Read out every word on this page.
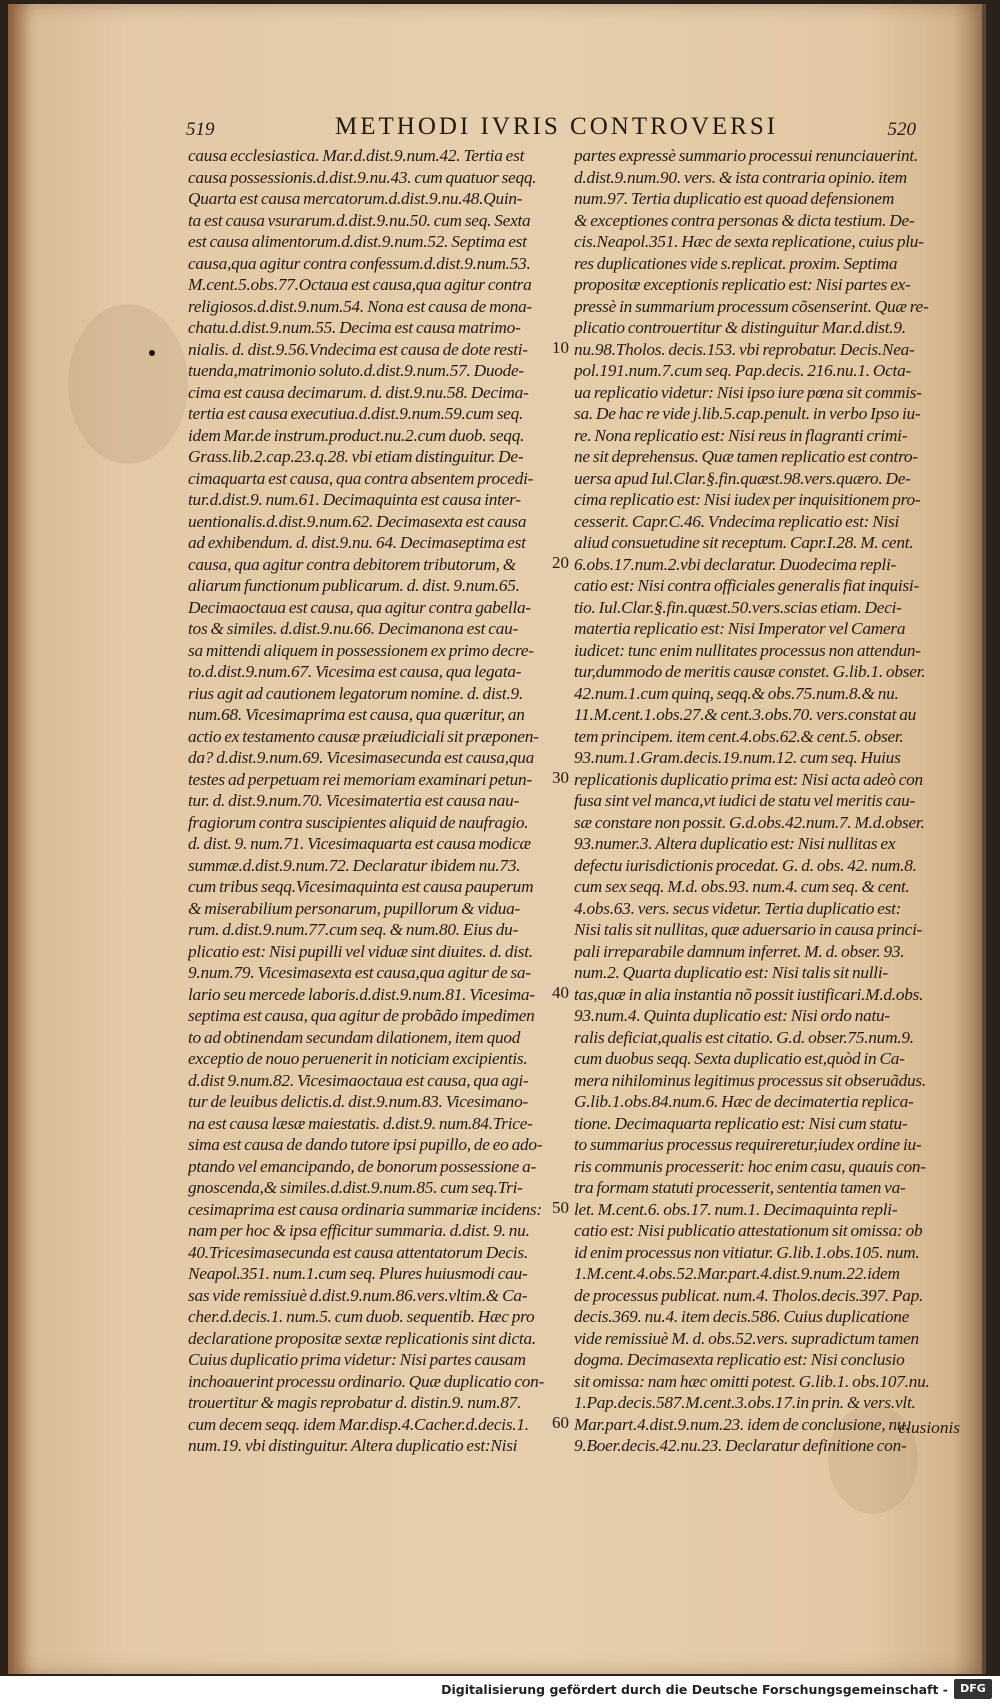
519	METHODI IVRIS CONTROVERSI	520
causa ecclesiastica. Mar.d.dist.9.num.42. Tertia est
causa possessionis.d.dist.9.nu.43. cum quatuor seqq.
Quarta est causa mercatorum.d.dist.9.nu.48.Quin-
ta est causa vsurarum.d.dist.9.nu.50. cum seq. Sexta
est causa alimentorum.d.dist.9.num.52. Septima est
causa,qua agitur contra confessum.d.dist.9.num.53.
M.cent.5.obs.77.Octaua est causa,qua agitur contra
religiosos.d.dist.9.num.54. Nona est causa de mona-
chatu.d.dist.9.num.55. Decima est causa matrimo-
nialis. d. dist.9.56.Vndecima est causa de dote resti-
tuenda,matrimonio soluto.d.dist.9.num.57. Duode-
cima est causa decimarum. d. dist.9.nu.58. Decima-
tertia est causa executiua.d.dist.9.num.59.cum seq.
idem Mar.de instrum.product.nu.2.cum duob. seqq.
Grass.lib.2.cap.23.q.28. vbi etiam distinguitur. De-
cimaquarta est causa, qua contra absentem procedi-
tur.d.dist.9. num.61. Decimaquinta est causa inter-
uentionalis.d.dist.9.num.62. Decimasexta est causa
ad exhibendum. d. dist.9.nu. 64. Decimaseptima est
causa, qua agitur contra debitorem tributorum, &
aliarum functionum publicarum. d. dist. 9.num.65.
Decimaoctaua est causa, qua agitur contra gabella-
tos & similes. d.dist.9.nu.66. Decimanona est cau-
sa mittendi aliquem in possessionem ex primo decre-
to.d.dist.9.num.67. Vicesima est causa, qua legata-
rius agit ad cautionem legatorum nomine. d. dist.9.
num.68. Vicesimaprima est causa, qua quæritur, an
actio ex testamento causæ præiudiciali sit præponen-
da? d.dist.9.num.69. Vicesimasecunda est causa,qua
testes ad perpetuam rei memoriam examinari petun-
tur. d. dist.9.num.70. Vicesimatertia est causa nau-
fragiorum contra suscipientes aliquid de naufragio.
d. dist. 9. num.71. Vicesimaquarta est causa modicæ
summæ.d.dist.9.num.72. Declaratur ibidem nu.73.
cum tribus seqq.Vicesimaquinta est causa pauperum
& miserabilium personarum, pupillorum & vidua-
rum. d.dist.9.num.77.cum seq. & num.80. Eius du-
plicatio est: Nisi pupilli vel viduæ sint diuites. d. dist.
9.num.79. Vicesimasexta est causa,qua agitur de sa-
lario seu mercede laboris.d.dist.9.num.81. Vicesima-
septima est causa, qua agitur de probãdo impedimen
to ad obtinendam secundam dilationem, item quod
exceptio de nouo peruenerit in noticiam excipientis.
d.dist 9.num.82. Vicesimaoctaua est causa, qua agi-
tur de leuibus delictis.d. dist.9.num.83. Vicesimano-
na est causa læsæ maiestatis. d.dist.9. num.84.Trice-
sima est causa de dando tutore ipsi pupillo, de eo ado-
ptando vel emancipando, de bonorum possessione a-
gnoscenda,& similes.d.dist.9.num.85. cum seq.Tri-
cesimaprima est causa ordinaria summariæ incidens:
nam per hoc & ipsa efficitur summaria. d.dist. 9. nu.
40.Tricesimasecunda est causa attentatorum Decis.
Neapol.351. num.1.cum seq. Plures huiusmodi cau-
sas vide remissiuè d.dist.9.num.86.vers.vltim.& Ca-
cher.d.decis.1. num.5. cum duob. sequentib. Hæc pro
declaratione propositæ sextæ replicationis sint dicta.
Cuius duplicatio prima videtur: Nisi partes causam
inchoauerint processu ordinario. Quæ duplicatio con-
trouertitur & magis reprobatur d. distin.9. num.87.
cum decem seqq. idem Mar.disp.4.Cacher.d.decis.1.
num.19. vbi distinguitur. Altera duplicatio est:Nisi
partes expressè summario processui renunciauerint.
d.dist.9.num.90. vers. & ista contraria opinio. item
num.97. Tertia duplicatio est quoad defensionem
& exceptiones contra personas & dicta testium. De-
cis.Neapol.351. Hæc de sexta replicatione, cuius plu-
res duplicationes vide s.replicat. proxim. Septima
propositæ exceptionis replicatio est: Nisi partes ex-
pressè in summarium processum cõsenserint. Quæ re-
plicatio controuertitur & distinguitur Mar.d.dist.9.
nu.98.Tholos. decis.153. vbi reprobatur. Decis.Nea-
pol.191.num.7.cum seq. Pap.decis. 216.nu.1. Octa-
ua replicatio videtur: Nisi ipso iure pœna sit commis-
sa. De hac re vide j.lib.5.cap.penult. in verbo Ipso iu-
re. Nona replicatio est: Nisi reus in flagranti crimi-
ne sit deprehensus. Quæ tamen replicatio est contro-
uersa apud Iul.Clar.§.fin.quæst.98.vers.quæro. De-
cima replicatio est: Nisi iudex per inquisitionem pro-
cesserit. Capr.C.46. Vndecima replicatio est: Nisi
aliud consuetudine sit receptum. Capr.I.28. M. cent.
6.obs.17.num.2.vbi declaratur. Duodecima repli-
catio est: Nisi contra officiales generalis fiat inquisi-
tio. Iul.Clar.§.fin.quæst.50.vers.scias etiam. Deci-
matertia replicatio est: Nisi Imperator vel Camera
iudicet: tunc enim nullitates processus non attendun-
tur,dummodo de meritis causæ constet. G.lib.1. obser.
42.num.1.cum quinq, seqq.& obs.75.num.8.& nu.
11.M.cent.1.obs.27.& cent.3.obs.70. vers.constat au
tem principem. item cent.4.obs.62.& cent.5. obser.
93.num.1.Gram.decis.19.num.12. cum seq. Huius
replicationis duplicatio prima est: Nisi acta adeò con
fusa sint vel manca,vt iudici de statu vel meritis cau-
sæ constare non possit. G.d.obs.42.num.7. M.d.obser.
93.numer.3. Altera duplicatio est: Nisi nullitas ex
defectu iurisdictionis procedat. G. d. obs. 42. num.8.
cum sex seqq. M.d. obs.93. num.4. cum seq. & cent.
4.obs.63. vers. secus videtur. Tertia duplicatio est:
Nisi talis sit nullitas, quæ aduersario in causa princi-
pali irreparabile damnum inferret. M. d. obser. 93.
num.2. Quarta duplicatio est: Nisi talis sit nulli-
tas,quæ in alia instantia nõ possit iustificari.M.d.obs.
93.num.4. Quinta duplicatio est: Nisi ordo natu-
ralis deficiat,qualis est citatio. G.d. obser.75.num.9.
cum duobus seqq. Sexta duplicatio est,quòd in Ca-
mera nihilominus legitimus processus sit obseruãdus.
G.lib.1.obs.84.num.6. Hæc de decimatertia replica-
tione. Decimaquarta replicatio est: Nisi cum statu-
to summarius processus requireretur,iudex ordine iu-
ris communis processerit: hoc enim casu, quauis con-
tra formam statuti processerit, sententia tamen va-
let. M.cent.6. obs.17. num.1. Decimaquinta repli-
catio est: Nisi publicatio attestationum sit omissa: ob
id enim processus non vitiatur. G.lib.1.obs.105. num.
1.M.cent.4.obs.52.Mar.part.4.dist.9.num.22.idem
de processus publicat. num.4. Tholos.decis.397. Pap.
decis.369. nu.4. item decis.586. Cuius duplicatione
vide remissiuè M. d. obs.52.vers. supradictum tamen
dogma. Decimasexta replicatio est: Nisi conclusio
sit omissa: nam hæc omitti potest. G.lib.1. obs.107.nu.
1.Pap.decis.587.M.cent.3.obs.17.in prin. & vers.vlt.
Mar.part.4.dist.9.num.23. idem de conclusione, nu.
9.Boer.decis.42.nu.23. Declaratur definitione con-
10
20
30
40
50
60	clusionis
Digitalisierung gefördert durch die Deutsche Forschungsgemeinschaft -	DFG
